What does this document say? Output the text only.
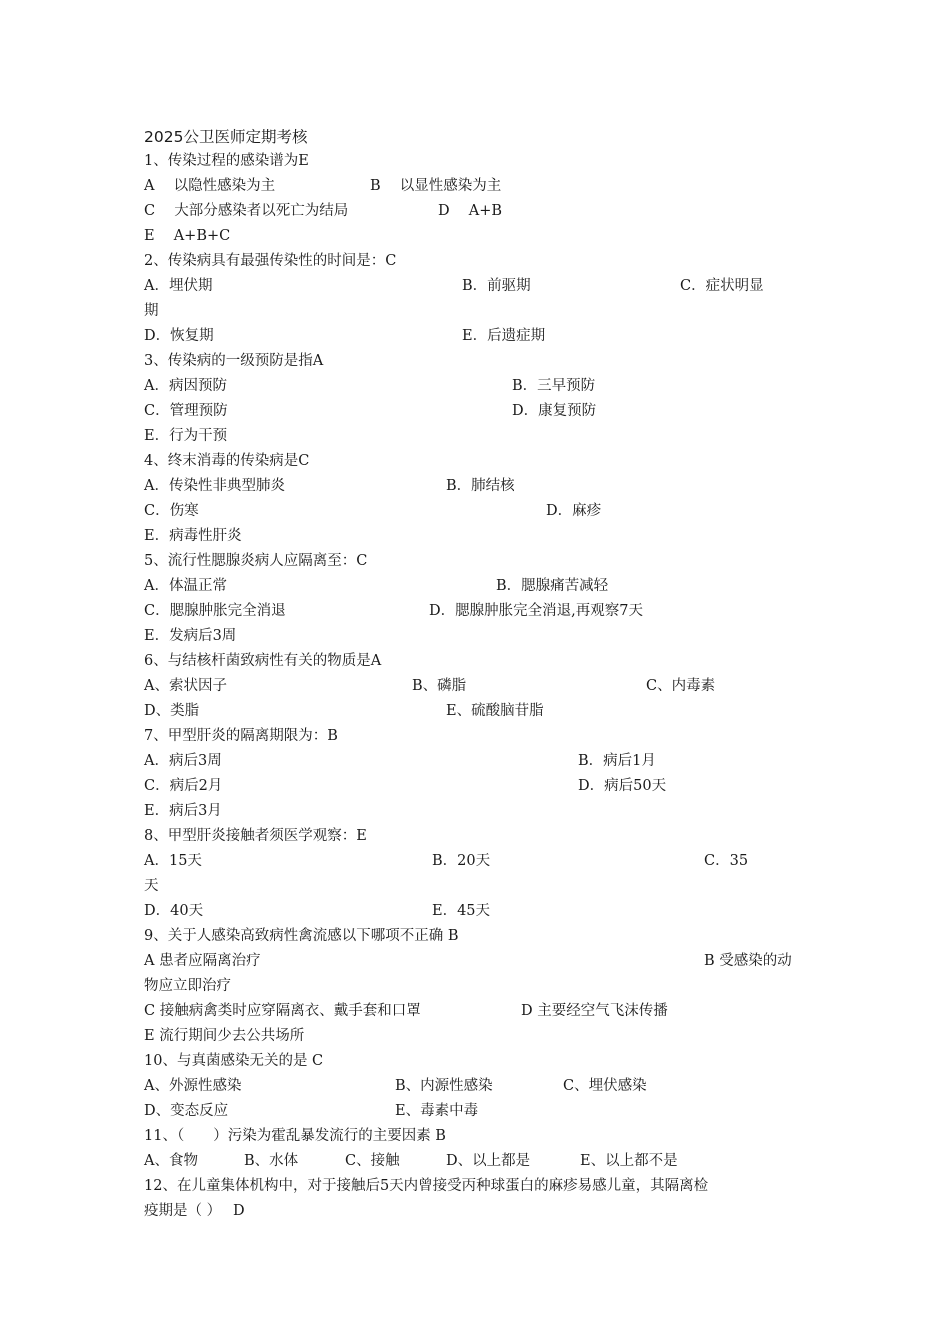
2025公卫医师定期考核
1、传染过程的感染谱为E
A　 以隐性感染为主	B　 以显性感染为主
C　 大部分感染者以死亡为结局	D　 A+B
E　 A+B+C
2、传染病具有最强传染性的时间是：C
A．埋伏期	B．前驱期	C．症状明显
期
D．恢复期	E．后遗症期
3、传染病的一级预防是指A
A．病因预防	B．三早预防
C．管理预防	D．康复预防
E．行为干预
4、终末消毒的传染病是C
A．传染性非典型肺炎	B．肺结核
C．伤寒	D．麻疹
E．病毒性肝炎
5、流行性腮腺炎病人应隔离至：C
A．体温正常	B．腮腺痛苦减轻
C．腮腺肿胀完全消退	D．腮腺肿胀完全消退,再观察7天
E．发病后3周
6、与结核杆菌致病性有关的物质是A
A、索状因子	B、磷脂	C、内毒素
D、类脂	E、硫酸脑苷脂
7、甲型肝炎的隔离期限为：B
A．病后3周	B．病后1月
C．病后2月	D．病后50天
E．病后3月
8、甲型肝炎接触者须医学观察：E
A．15天	B．20天	C．35
天
D．40天	E．45天
9、关于人感染高致病性禽流感以下哪项不正确 B
A 患者应隔离治疗	B 受感染的动
物应立即治疗
C 接触病禽类时应穿隔离衣、戴手套和口罩	D 主要经空气飞沫传播
E 流行期间少去公共场所
10、与真菌感染无关的是 C
A、外源性感染	B、内源性感染	C、埋伏感染
D、变态反应	E、毒素中毒
11、（　　）污染为霍乱暴发流行的主要因素 B
A、食物	B、水体	C、接触	D、以上都是	E、以上都不是
12、在儿童集体机构中，对于接触后5天内曾接受丙种球蛋白的麻疹易感儿童，其隔离检
疫期是（ ）　 D
